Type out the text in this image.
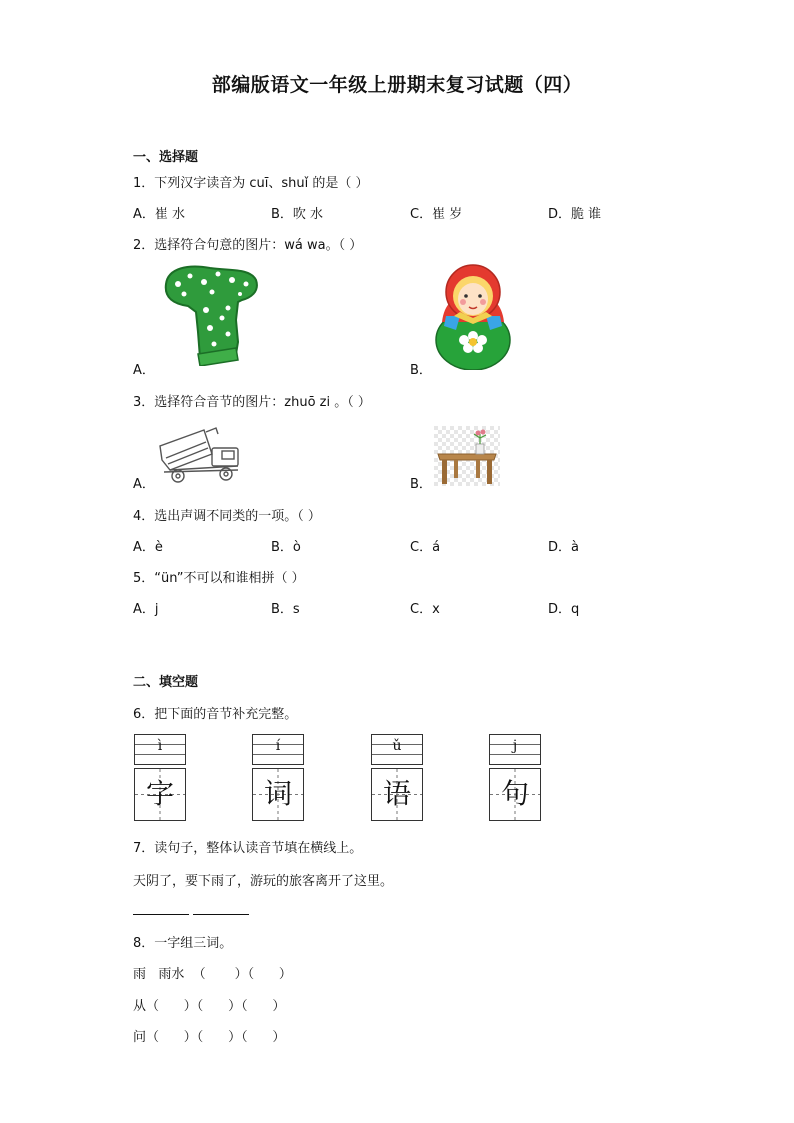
部编版语文一年级上册期末复习试题（四）
一、选择题
1．下列汉字读音为 cuī、shuǐ 的是（ ）
A．崔 水	B．吹 水	C．崔 岁	D．脆 谁
2．选择符合句意的图片：wá wa。（ ）
A．	B．
3．选择符合音节的图片：zhuō zi 。（ ）
A．	B．
4．选出声调不同类的一项。（ ）
A．è	B．ò	C．á	D．à
5．“ün”不可以和谁相拼（ ）
A．j	B．s	C．x	D．q
二、填空题
6．把下面的音节补充完整。
ì
字
í
词
ǔ
语
j
句
7．读句子，整体认读音节填在横线上。
天阴了，要下雨了，游玩的旅客离开了这里。
8．一字组三词。
雨   雨水  （       ）（      ）
从（      ）（      ）（      ）
问（      ）（      ）（      ）
